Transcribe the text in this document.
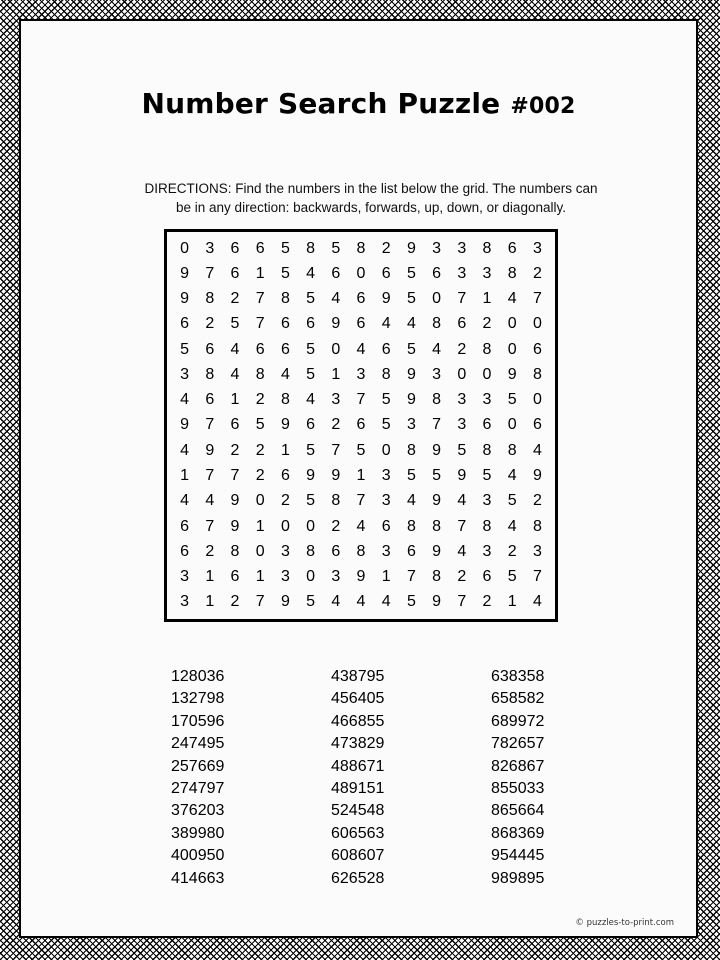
Number Search Puzzle #002
DIRECTIONS: Find the numbers in the list below the grid. The numbers can
be in any direction: backwards, forwards, up, down, or diagonally.
0	3	6	6	5	8	5	8	2	9	3	3	8	6	3
9	7	6	1	5	4	6	0	6	5	6	3	3	8	2
9	8	2	7	8	5	4	6	9	5	0	7	1	4	7
6	2	5	7	6	6	9	6	4	4	8	6	2	0	0
5	6	4	6	6	5	0	4	6	5	4	2	8	0	6
3	8	4	8	4	5	1	3	8	9	3	0	0	9	8
4	6	1	2	8	4	3	7	5	9	8	3	3	5	0
9	7	6	5	9	6	2	6	5	3	7	3	6	0	6
4	9	2	2	1	5	7	5	0	8	9	5	8	8	4
1	7	7	2	6	9	9	1	3	5	5	9	5	4	9
4	4	9	0	2	5	8	7	3	4	9	4	3	5	2
6	7	9	1	0	0	2	4	6	8	8	7	8	4	8
6	2	8	0	3	8	6	8	3	6	9	4	3	2	3
3	1	6	1	3	0	3	9	1	7	8	2	6	5	7
3	1	2	7	9	5	4	4	4	5	9	7	2	1	4
128036
132798
170596
247495
257669
274797
376203
389980
400950
414663
438795
456405
466855
473829
488671
489151
524548
606563
608607
626528
638358
658582
689972
782657
826867
855033
865664
868369
954445
989895
© puzzles-to-print.com
